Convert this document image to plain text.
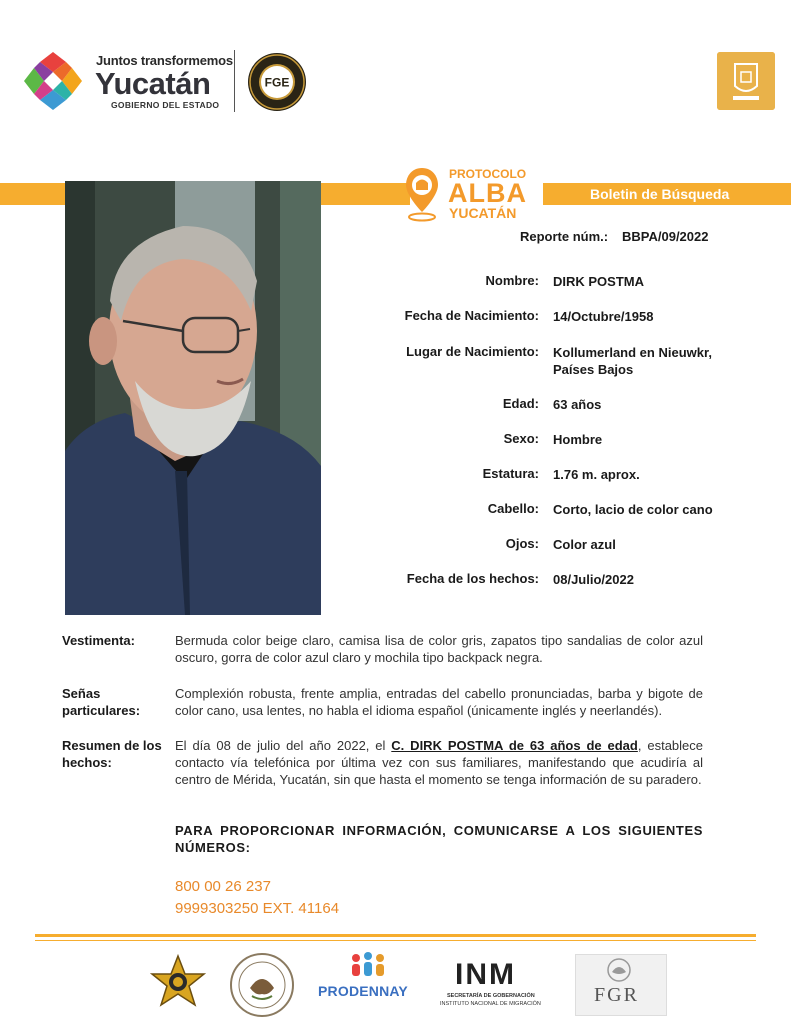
Juntos transformemos
Yucatán
GOBIERNO DEL ESTADO
FGE
Boletin de Búsqueda
PROTOCOLO
ALBA
YUCATÁN
Reporte núm.: BBPA/09/2022
Nombre: DIRK POSTMA
Fecha de Nacimiento: 14/Octubre/1958
Lugar de Nacimiento: Kollumerland en Nieuwkr,
Países Bajos
Edad: 63 años
Sexo: Hombre
Estatura: 1.76 m. aprox.
Cabello: Corto, lacio de color cano
Ojos: Color azul
Fecha de los hechos: 08/Julio/2022
Vestimenta:	Bermuda color beige claro, camisa lisa de color gris, zapatos tipo sandalias de color azul oscuro, gorra de color azul claro y mochila tipo backpack negra.
Señas
particulares:
Complexión robusta, frente amplia, entradas del cabello pronunciadas, barba y bigote de color cano, usa lentes, no habla el idioma español (únicamente inglés y neerlandés).
Resumen de los
hechos:
El día 08 de julio del año 2022, el C. DIRK POSTMA de 63 años de edad, establece contacto vía telefónica por última vez con sus familiares, manifestando que acudiría al centro de Mérida, Yucatán, sin que hasta el momento se tenga información de su paradero.
PARA PROPORCIONAR INFORMACIÓN, COMUNICARSE A LOS SIGUIENTES NÚMEROS:
800 00 26 237
9999303250 EXT. 41164
PRODENNAY INM
SECRETARÍA DE GOBERNACIÓN
INSTITUTO NACIONAL DE MIGRACIÓN	FGR
